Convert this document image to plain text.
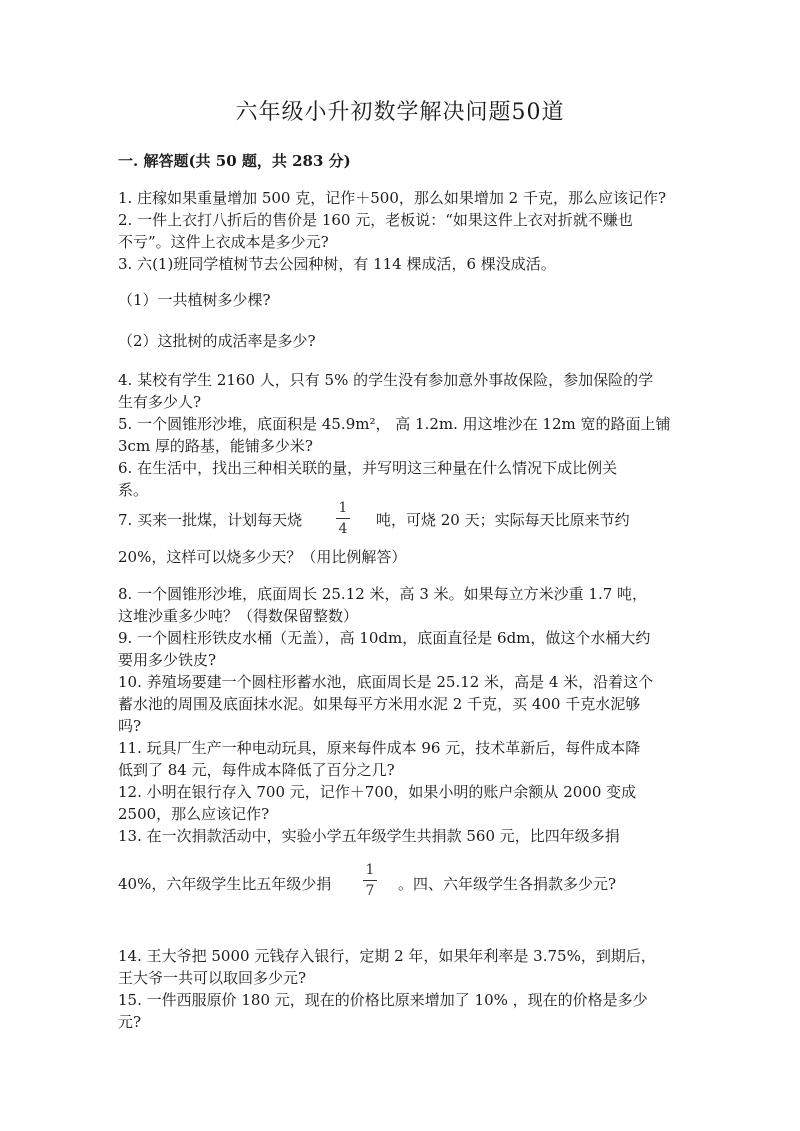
六年级小升初数学解决问题50道
一. 解答题(共 50 题，共 283 分)
1. 庄稼如果重量增加 500 克，记作＋500，那么如果增加 2 千克，那么应该记作?
2. 一件上衣打八折后的售价是 160 元，老板说：“如果这件上衣对折就不赚也
不亏”。这件上衣成本是多少元?
3. 六(1)班同学植树节去公园种树，有 114 棵成活，6 棵没成活。
（1）一共植树多少棵?
（2）这批树的成活率是多少?
4. 某校有学生 2160 人，只有 5% 的学生没有参加意外事故保险，参加保险的学
生有多少人?
5. 一个圆锥形沙堆，底面积是 45.9m²， 高 1.2m. 用这堆沙在 12m 宽的路面上铺
3cm 厚的路基，能铺多少米?
6. 在生活中，找出三种相关联的量，并写明这三种量在什么情况下成比例关
系。
7. 买来一批煤，计划每天烧
1
4 吨，可烧 20 天；实际每天比原来节约
20%，这样可以烧多少天？（用比例解答）
8. 一个圆锥形沙堆，底面周长 25.12 米，高 3 米。如果每立方米沙重 1.7 吨，
这堆沙重多少吨？（得数保留整数）
9. 一个圆柱形铁皮水桶（无盖），高 10dm，底面直径是 6dm，做这个水桶大约
要用多少铁皮?
10. 养殖场要建一个圆柱形蓄水池，底面周长是 25.12 米，高是 4 米，沿着这个
蓄水池的周围及底面抹水泥。如果每平方米用水泥 2 千克，买 400 千克水泥够
吗?
11. 玩具厂生产一种电动玩具，原来每件成本 96 元，技术革新后，每件成本降
低到了 84 元，每件成本降低了百分之几?
12. 小明在银行存入 700 元，记作＋700，如果小明的账户余额从 2000 变成
2500，那么应该记作?
13. 在一次捐款活动中，实验小学五年级学生共捐款 560 元，比四年级多捐
40%，六年级学生比五年级少捐
1
7 。四、六年级学生各捐款多少元?
14. 王大爷把 5000 元钱存入银行，定期 2 年，如果年利率是 3.75%，到期后，
王大爷一共可以取回多少元?
15. 一件西服原价 180 元，现在的价格比原来增加了 10% ，现在的价格是多少
元?
